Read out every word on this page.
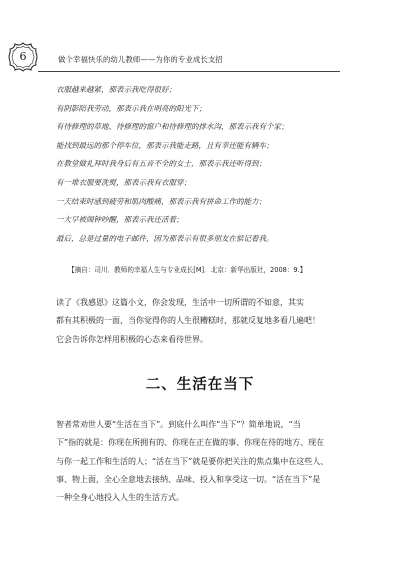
6	做个幸福快乐的幼儿教师——为你的专业成长支招
衣服越来越紧，那表示我吃得很好；
有阴影陪我劳动，那表示我在明亮的阳光下；
有待修理的草地、待修理的窗户和待修理的排水沟，那表示我有个家；
能找到最远的那个停车位，那表示我能走路，且有幸还能有辆车；
在教堂做礼拜时我身后有五音不全的女士，那表示我还听得到；
有一堆衣服要洗熨，那表示我有衣服穿；
一天结束时感到疲劳和肌肉酸痛，那表示我有拼命工作的能力；
一大早被闹钟吵醒，那表示我还活着；
最后，总是过量的电子邮件，因为那表示有很多朋友在惦记着我。
【摘自：司川．教师的幸福人生与专业成长[M]．北京：新华出版社，2008：9.】
读了《我感恩》这篇小文，你会发现，生活中一切所谓的不如意，其实
都有其积极的一面，当你觉得你的人生很糟糕时，那就反复地多看几遍吧！
它会告诉你怎样用积极的心态来看待世界。
二、生活在当下
智者常劝世人要“生活在当下”。到底什么叫作“当下”？简单地说，“当
下”指的就是：你现在所拥有的、你现在正在做的事、你现在待的地方、现在
与你一起工作和生活的人；“活在当下”就是要你把关注的焦点集中在这些人、
事、物上面，全心全意地去接纳、品味、投入和享受这一切。“活在当下”是
一种全身心地投入人生的生活方式。
